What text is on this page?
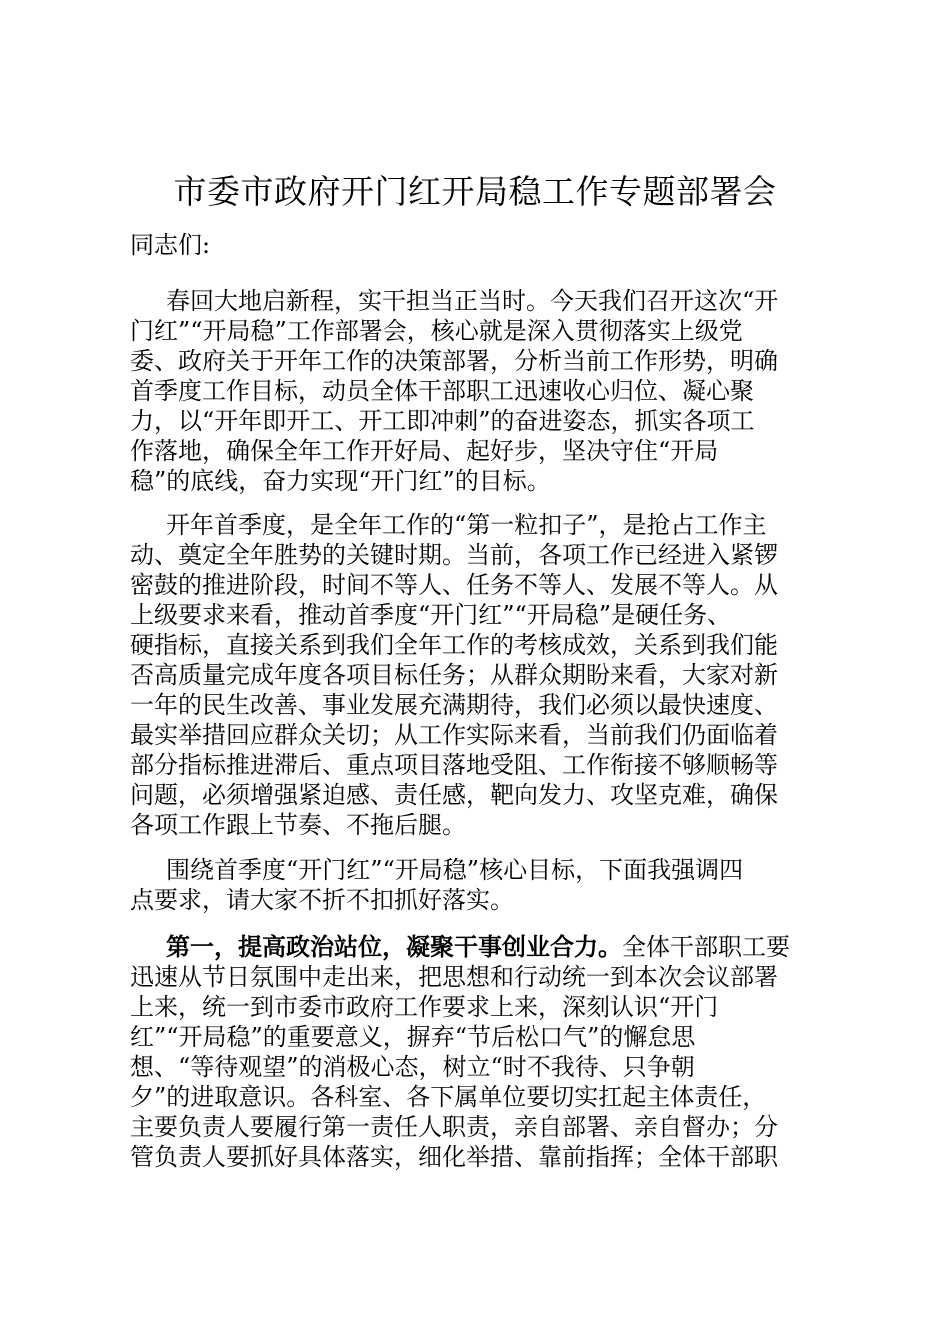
市委市政府开门红开局稳工作专题部署会
同志们:
春回大地启新程，实干担当正当时。今天我们召开这次“开
门红”“开局稳”工作部署会，核心就是深入贯彻落实上级党
委、政府关于开年工作的决策部署，分析当前工作形势，明确
首季度工作目标，动员全体干部职工迅速收心归位、凝心聚
力，以“开年即开工、开工即冲刺”的奋进姿态，抓实各项工
作落地，确保全年工作开好局、起好步，坚决守住“开局
稳”的底线，奋力实现“开门红”的目标。
开年首季度，是全年工作的“第一粒扣子”，是抢占工作主
动、奠定全年胜势的关键时期。当前，各项工作已经进入紧锣
密鼓的推进阶段，时间不等人、任务不等人、发展不等人。从
上级要求来看，推动首季度“开门红”“开局稳”是硬任务、
硬指标，直接关系到我们全年工作的考核成效，关系到我们能
否高质量完成年度各项目标任务；从群众期盼来看，大家对新
一年的民生改善、事业发展充满期待，我们必须以最快速度、
最实举措回应群众关切；从工作实际来看，当前我们仍面临着
部分指标推进滞后、重点项目落地受阻、工作衔接不够顺畅等
问题，必须增强紧迫感、责任感，靶向发力、攻坚克难，确保
各项工作跟上节奏、不拖后腿。
围绕首季度“开门红”“开局稳”核心目标，下面我强调四
点要求，请大家不折不扣抓好落实。
第一，提高政治站位，凝聚干事创业合力。全体干部职工要
迅速从节日氛围中走出来，把思想和行动统一到本次会议部署
上来，统一到市委市政府工作要求上来，深刻认识“开门
红”“开局稳”的重要意义，摒弃“节后松口气”的懈怠思
想、“等待观望”的消极心态，树立“时不我待、只争朝
夕”的进取意识。各科室、各下属单位要切实扛起主体责任，
主要负责人要履行第一责任人职责，亲自部署、亲自督办；分
管负责人要抓好具体落实，细化举措、靠前指挥；全体干部职
